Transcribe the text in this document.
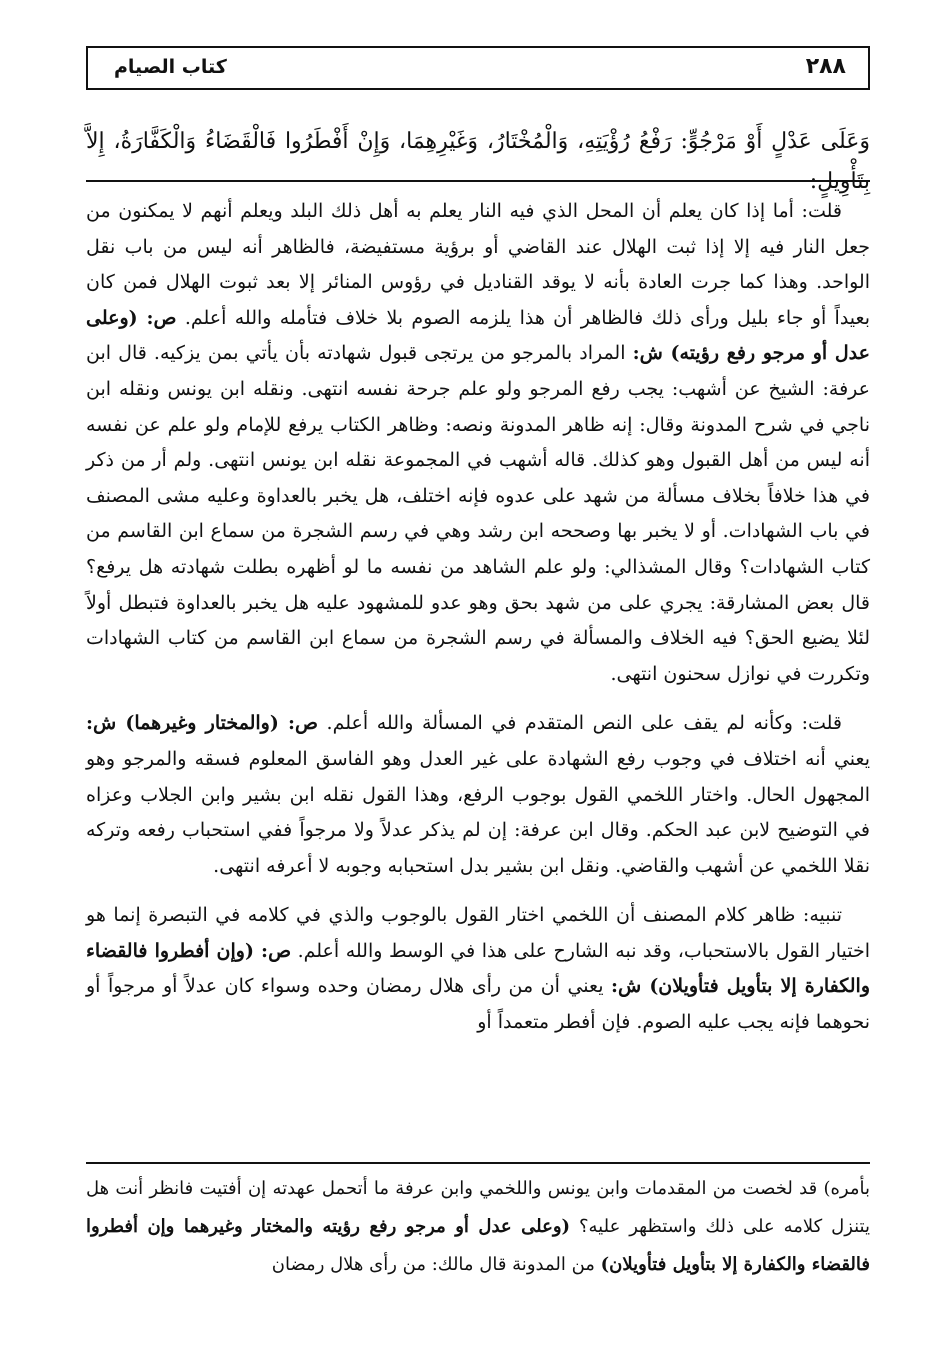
٢٨٨
كتاب الصيام
وَعَلَى عَدْلٍ أَوْ مَرْجُوٍّ: رَفْعُ رُؤْيَتِهِ، وَالْمُخْتَارُ، وَغَيْرِهِمَا، وَإِنْ أَفْطَرُوا فَالْقَضَاءُ وَالْكَفَّارَةُ، إِلاَّ بِتَأْوِيلٍ:

قلت: أما إذا كان يعلم أن المحل الذي فيه النار يعلم به أهل ذلك البلد ويعلم أنهم لا يمكنون من جعل النار فيه إلا إذا ثبت الهلال عند القاضي أو برؤية مستفيضة، فالظاهر أنه ليس من باب نقل الواحد. وهذا كما جرت العادة بأنه لا يوقد القناديل في رؤوس المنائر إلا بعد ثبوت الهلال فمن كان بعيداً أو جاء بليل ورأى ذلك فالظاهر أن هذا يلزمه الصوم بلا خلاف فتأمله والله أعلم. ص: (وعلى عدل أو مرجو رفع رؤيته) ش: المراد بالمرجو من يرتجى قبول شهادته بأن يأتي بمن يزكيه. قال ابن عرفة: الشيخ عن أشهب: يجب رفع المرجو ولو علم جرحة نفسه انتهى. ونقله ابن يونس ونقله ابن ناجي في شرح المدونة وقال: إنه ظاهر المدونة ونصه: وظاهر الكتاب يرفع للإمام ولو علم عن نفسه أنه ليس من أهل القبول وهو كذلك. قاله أشهب في المجموعة نقله ابن يونس انتهى. ولم أر من ذكر في هذا خلافاً بخلاف مسألة من شهد على عدوه فإنه اختلف، هل يخبر بالعداوة وعليه مشى المصنف في باب الشهادات. أو لا يخبر بها وصححه ابن رشد وهي في رسم الشجرة من سماع ابن القاسم من كتاب الشهادات؟ وقال المشذالي: ولو علم الشاهد من نفسه ما لو أظهره بطلت شهادته هل يرفع؟ قال بعض المشارقة: يجري على من شهد بحق وهو عدو للمشهود عليه هل يخبر بالعداوة فتبطل أولاً لئلا يضيع الحق؟ فيه الخلاف والمسألة في رسم الشجرة من سماع ابن القاسم من كتاب الشهادات وتكررت في نوازل سحنون انتهى.

قلت: وكأنه لم يقف على النص المتقدم في المسألة والله أعلم. ص: (والمختار وغيرهما) ش: يعني أنه اختلاف في وجوب رفع الشهادة على غير العدل وهو الفاسق المعلوم فسقه والمرجو وهو المجهول الحال. واختار اللخمي القول بوجوب الرفع، وهذا القول نقله ابن بشير وابن الجلاب وعزاه في التوضيح لابن عبد الحكم. وقال ابن عرفة: إن لم يذكر عدلاً ولا مرجواً ففي استحباب رفعه وتركه نقلا اللخمي عن أشهب والقاضي. ونقل ابن بشير بدل استحبابه وجوبه لا أعرفه انتهى.

تنبيه: ظاهر كلام المصنف أن اللخمي اختار القول بالوجوب والذي في كلامه في التبصرة إنما هو اختيار القول بالاستحباب، وقد نبه الشارح على هذا في الوسط والله أعلم. ص: (وإن أفطروا فالقضاء والكفارة إلا بتأويل فتأويلان) ش: يعني أن من رأى هلال رمضان وحده وسواء كان عدلاً أو مرجواً أو نحوهما فإنه يجب عليه الصوم. فإن أفطر متعمداً أو

بأمره) قد لخصت من المقدمات وابن يونس واللخمي وابن عرفة ما أتحمل عهدته إن أفتيت فانظر أنت هل يتنزل كلامه على ذلك واستظهر عليه؟ (وعلى عدل أو مرجو رفع رؤيته والمختار وغيرهما وإن أفطروا فالقضاء والكفارة إلا بتأويل فتأويلان) من المدونة قال مالك: من رأى هلال رمضان
